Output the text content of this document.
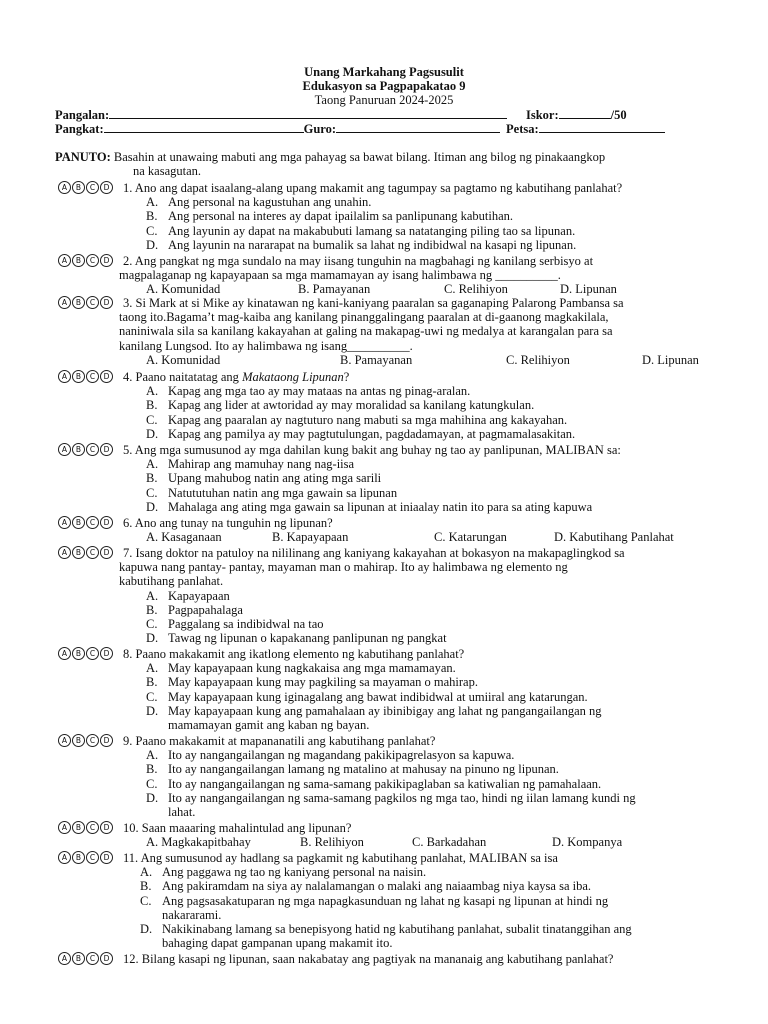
Unang Markahang Pagsusulit
Edukasyon sa Pagpapakatao 9
Taong Panuruan 2024-2025
Pangalan:	Iskor:	/50
Pangkat:	Guro:	Petsa:
PANUTO: Basahin at unawaing mabuti ang mga pahayag sa bawat bilang. Itiman ang bilog ng pinakaangkop
na kasagutan.
A	B	C	D 1. Ano ang dapat isaalang-alang upang makamit ang tagumpay sa pagtamo ng kabutihang panlahat?
A. Ang personal na kagustuhan ang unahin.
B. Ang personal na interes ay dapat ipailalim sa panlipunang kabutihan.
C. Ang layunin ay dapat na makabubuti lamang sa natatanging piling tao sa lipunan.
D. Ang layunin na nararapat na bumalik sa lahat ng indibidwal na kasapi ng lipunan.
A	B	C	D 2. Ang pangkat ng mga sundalo na may iisang tunguhin na magbahagi ng kanilang serbisyo at
magpalaganap ng kapayapaan sa mga mamamayan ay isang halimbawa ng __________.
A. Komunidad	B. Pamayanan	C. Relihiyon	D. Lipunan
A	B	C	D 3. Si Mark at si Mike ay kinatawan ng kani-kaniyang paaralan sa gaganaping Palarong Pambansa sa
taong ito.Bagama’t mag-kaiba ang kanilang pinanggalingang paaralan at di-gaanong magkakilala,
naniniwala sila sa kanilang kakayahan at galing na makapag-uwi ng medalya at karangalan para sa
kanilang Lungsod. Ito ay halimbawa ng isang__________.
A. Komunidad	B. Pamayanan	C. Relihiyon	D. Lipunan
A	B	C	D 4. Paano naitatatag ang Makataong Lipunan?
A. Kapag ang mga tao ay may mataas na antas ng pinag-aralan.
B. Kapag ang lider at awtoridad ay may moralidad sa kanilang katungkulan.
C. Kapag ang paaralan ay nagtuturo nang mabuti sa mga mahihina ang kakayahan.
D. Kapag ang pamilya ay may pagtutulungan, pagdadamayan, at pagmamalasakitan.
A	B	C	D 5. Ang mga sumusunod ay mga dahilan kung bakit ang buhay ng tao ay panlipunan, MALIBAN sa:
A. Mahirap ang mamuhay nang nag-iisa
B. Upang mahubog natin ang ating mga sarili
C. Natututuhan natin ang mga gawain sa lipunan
D. Mahalaga ang ating mga gawain sa lipunan at iniaalay natin ito para sa ating kapuwa
A	B	C	D 6. Ano ang tunay na tunguhin ng lipunan?
A. Kasaganaan	B. Kapayapaan	C. Katarungan	D. Kabutihang Panlahat
A	B	C	D 7. Isang doktor na patuloy na nililinang ang kaniyang kakayahan at bokasyon na makapaglingkod sa
kapuwa nang pantay- pantay, mayaman man o mahirap. Ito ay halimbawa ng elemento ng
kabutihang panlahat.
A. Kapayapaan
B. Pagpapahalaga
C. Paggalang sa indibidwal na tao
D. Tawag ng lipunan o kapakanang panlipunan ng pangkat
A	B	C	D 8. Paano makakamit ang ikatlong elemento ng kabutihang panlahat?
A. May kapayapaan kung nagkakaisa ang mga mamamayan.
B. May kapayapaan kung may pagkiling sa mayaman o mahirap.
C. May kapayapaan kung iginagalang ang bawat indibidwal at umiiral ang katarungan.
D. May kapayapaan kung ang pamahalaan ay ibinibigay ang lahat ng pangangailangan ng
mamamayan gamit ang kaban ng bayan.
A	B	C	D 9. Paano makakamit at mapananatili ang kabutihang panlahat?
A. Ito ay nangangailangan ng magandang pakikipagrelasyon sa kapuwa.
B. Ito ay nangangailangan lamang ng matalino at mahusay na pinuno ng lipunan.
C. Ito ay nangangailangan ng sama-samang pakikipaglaban sa katiwalian ng pamahalaan.
D. Ito ay nangangailangan ng sama-samang pagkilos ng mga tao, hindi ng iilan lamang kundi ng
lahat.
A	B	C	D 10. Saan maaaring mahalintulad ang lipunan?
A. Magkakapitbahay	B. Relihiyon	C. Barkadahan	D. Kompanya
A	B	C	D 11. Ang sumusunod ay hadlang sa pagkamit ng kabutihang panlahat, MALIBAN sa isa
A. Ang paggawa ng tao ng kaniyang personal na naisin.
B. Ang pakiramdam na siya ay nalalamangan o malaki ang naiaambag niya kaysa sa iba.
C. Ang pagsasakatuparan ng mga napagkasunduan ng lahat ng kasapi ng lipunan at hindi ng
nakararami.
D. Nakikinabang lamang sa benepisyong hatid ng kabutihang panlahat, subalit tinatanggihan ang
bahaging dapat gampanan upang makamit ito.
A	B	C	D 12. Bilang kasapi ng lipunan, saan nakabatay ang pagtiyak na mananaig ang kabutihang panlahat?
